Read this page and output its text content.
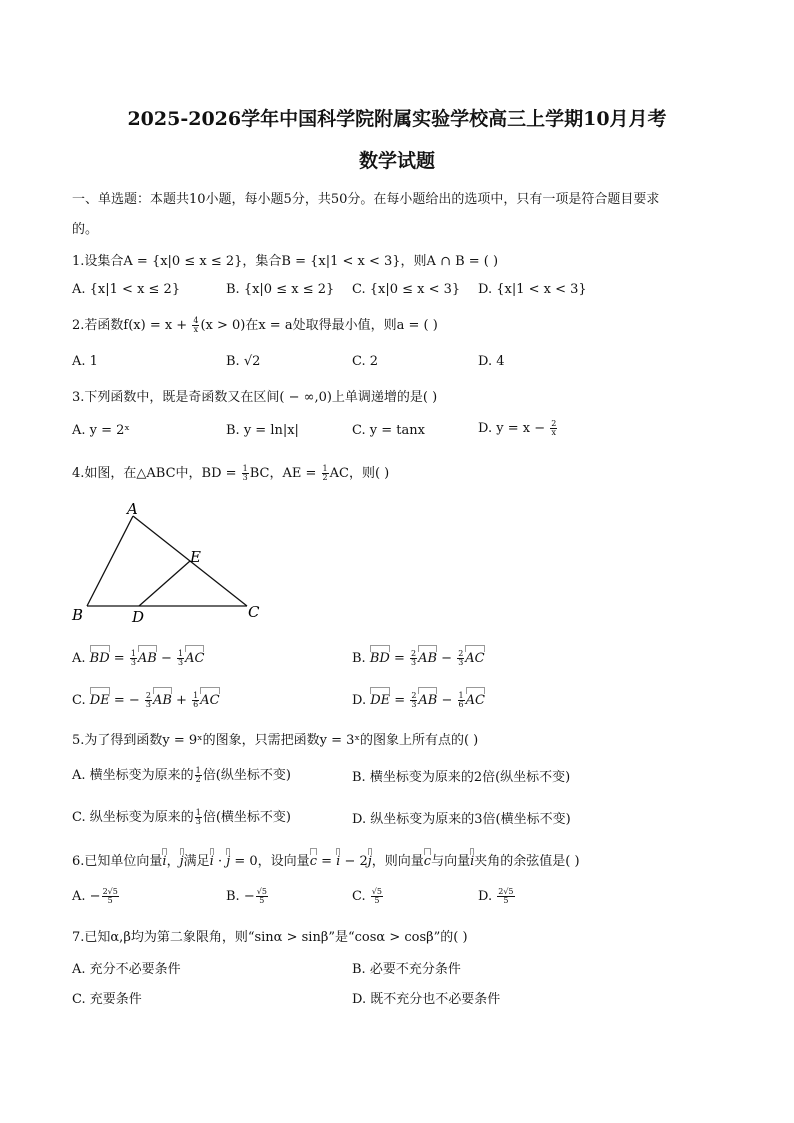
2025-2026学年中国科学院附属实验学校高三上学期10月月考
数学试题
一、单选题：本题共10小题，每小题5分，共50分。在每小题给出的选项中，只有一项是符合题目要求
的。
1.设集合A = {x|0 ≤ x ≤ 2}，集合B = {x|1 < x < 3}，则A ∩ B = ( )
A. {x|1 < x ≤ 2}	B. {x|0 ≤ x ≤ 2} C. {x|0 ≤ x < 3} D. {x|1 < x < 3}
2.若函数$f(x) = x + \frac{4}{x} (x > 0)$在x = a处取得最小值，则a = ( )
A. 1	B. √2	C. 2	D. 4
3.下列函数中，既是奇函数又在区间( − ∞,0)上单调递增的是( )
A. y = 2ˣ	B. y = ln|x|	C. y = tanx	D. $y = x - \frac{2}{x}$
4.如图，在△ABC中，BD = $\frac{1}{3}$ BC，AE = $\frac{1}{2}$ AC，则( )
A
B	C
D
E
A. BD = $\frac{1}{3}$ AB − $\frac{1}{3}$ AC	B. BD = $\frac{2}{3}$ AB − $\frac{2}{3}$ AC
C. DE = − $\frac{2}{3}$ AB + $\frac{1}{6}$ AC	D. DE = $\frac{2}{3}$ AB − $\frac{1}{6}$ AC
5.为了得到函数y = 9ˣ的图象，只需把函数y = 3ˣ的图象上所有点的( )
A. 横坐标变为原来的 $\frac{1}{2}$ 倍(纵坐标不变)	B. 横坐标变为原来的2倍(纵坐标不变)
C. 纵坐标变为原来的 $\frac{1}{3}$ 倍(横坐标不变)	D. 纵坐标变为原来的3倍(横坐标不变)
6.已知单位向量i，j满足i · j = 0，设向量c = i − 2j，则向量c与向量i夹角的余弦值是( )
A. − $\frac{2√5}{5}$	B. − $\frac{√5}{5}$	C. $\frac{√5}{5}$	D. $\frac{2√5}{5}$
7.已知α,β均为第二象限角，则“sinα > sinβ”是“cosα > cosβ”的( )
A. 充分不必要条件	B. 必要不充分条件
C. 充要条件	D. 既不充分也不必要条件
